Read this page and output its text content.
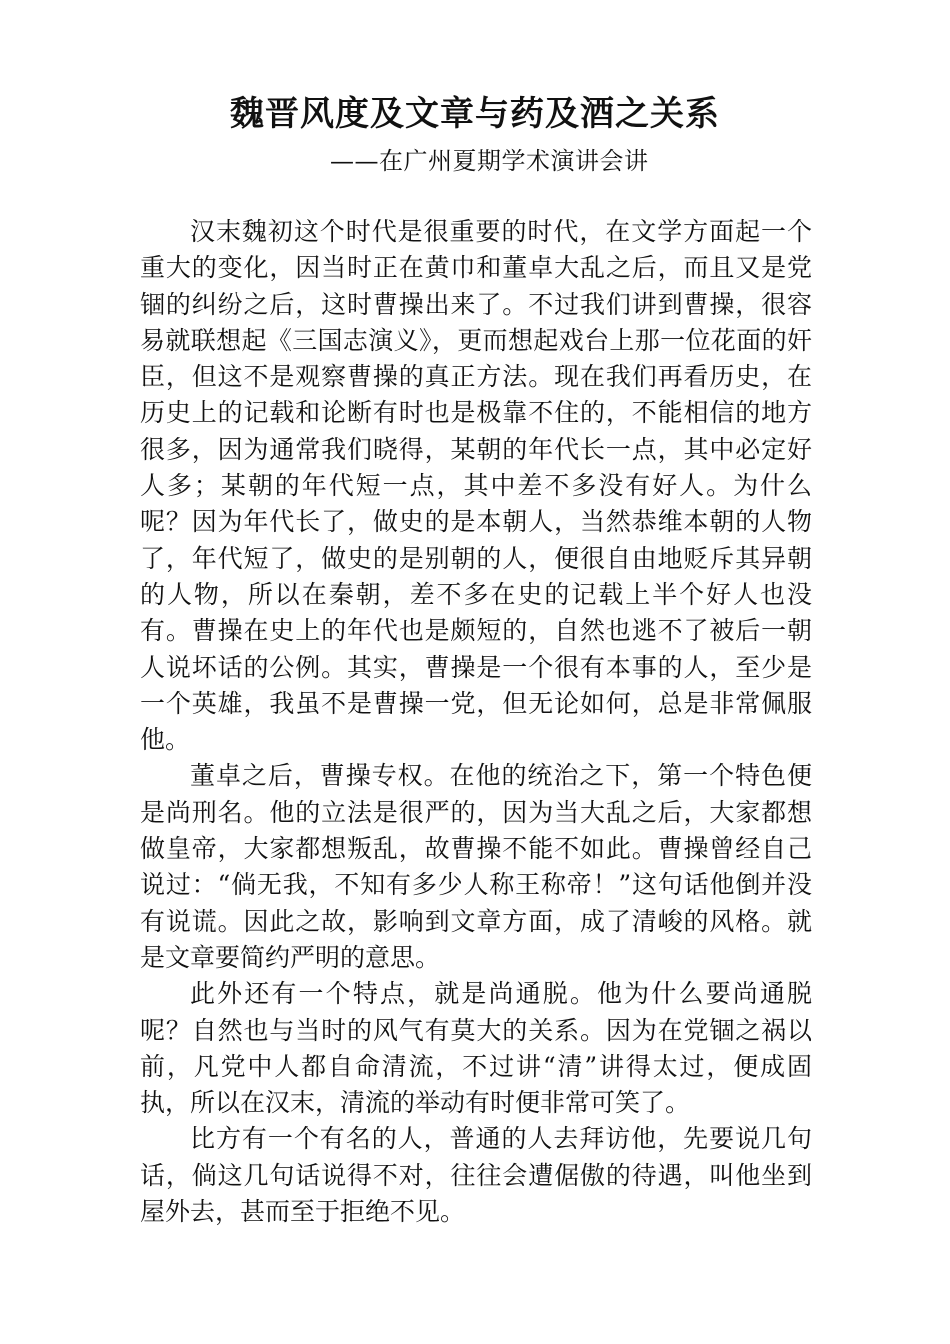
魏晋风度及文章与药及酒之关系
——在广州夏期学术演讲会讲

汉末魏初这个时代是很重要的时代，在文学方面起一个重大的变化，因当时正在黄巾和董卓大乱之后，而且又是党锢的纠纷之后，这时曹操出来了。不过我们讲到曹操，很容易就联想起《三国志演义》，更而想起戏台上那一位花面的奸臣，但这不是观察曹操的真正方法。现在我们再看历史，在历史上的记载和论断有时也是极靠不住的，不能相信的地方很多，因为通常我们晓得，某朝的年代长一点，其中必定好人多；某朝的年代短一点，其中差不多没有好人。为什么呢？因为年代长了，做史的是本朝人，当然恭维本朝的人物了，年代短了，做史的是别朝的人，便很自由地贬斥其异朝的人物，所以在秦朝，差不多在史的记载上半个好人也没有。曹操在史上的年代也是颇短的，自然也逃不了被后一朝人说坏话的公例。其实，曹操是一个很有本事的人，至少是一个英雄，我虽不是曹操一党，但无论如何，总是非常佩服他。

董卓之后，曹操专权。在他的统治之下，第一个特色便是尚刑名。他的立法是很严的，因为当大乱之后，大家都想做皇帝，大家都想叛乱，故曹操不能不如此。曹操曾经自己说过：“倘无我，不知有多少人称王称帝！”这句话他倒并没有说谎。因此之故，影响到文章方面，成了清峻的风格。就是文章要简约严明的意思。

此外还有一个特点，就是尚通脱。他为什么要尚通脱呢？自然也与当时的风气有莫大的关系。因为在党锢之祸以前，凡党中人都自命清流，不过讲“清”讲得太过，便成固执，所以在汉末，清流的举动有时便非常可笑了。

比方有一个有名的人，普通的人去拜访他，先要说几句话，倘这几句话说得不对，往往会遭倨傲的待遇，叫他坐到屋外去，甚而至于拒绝不见。
